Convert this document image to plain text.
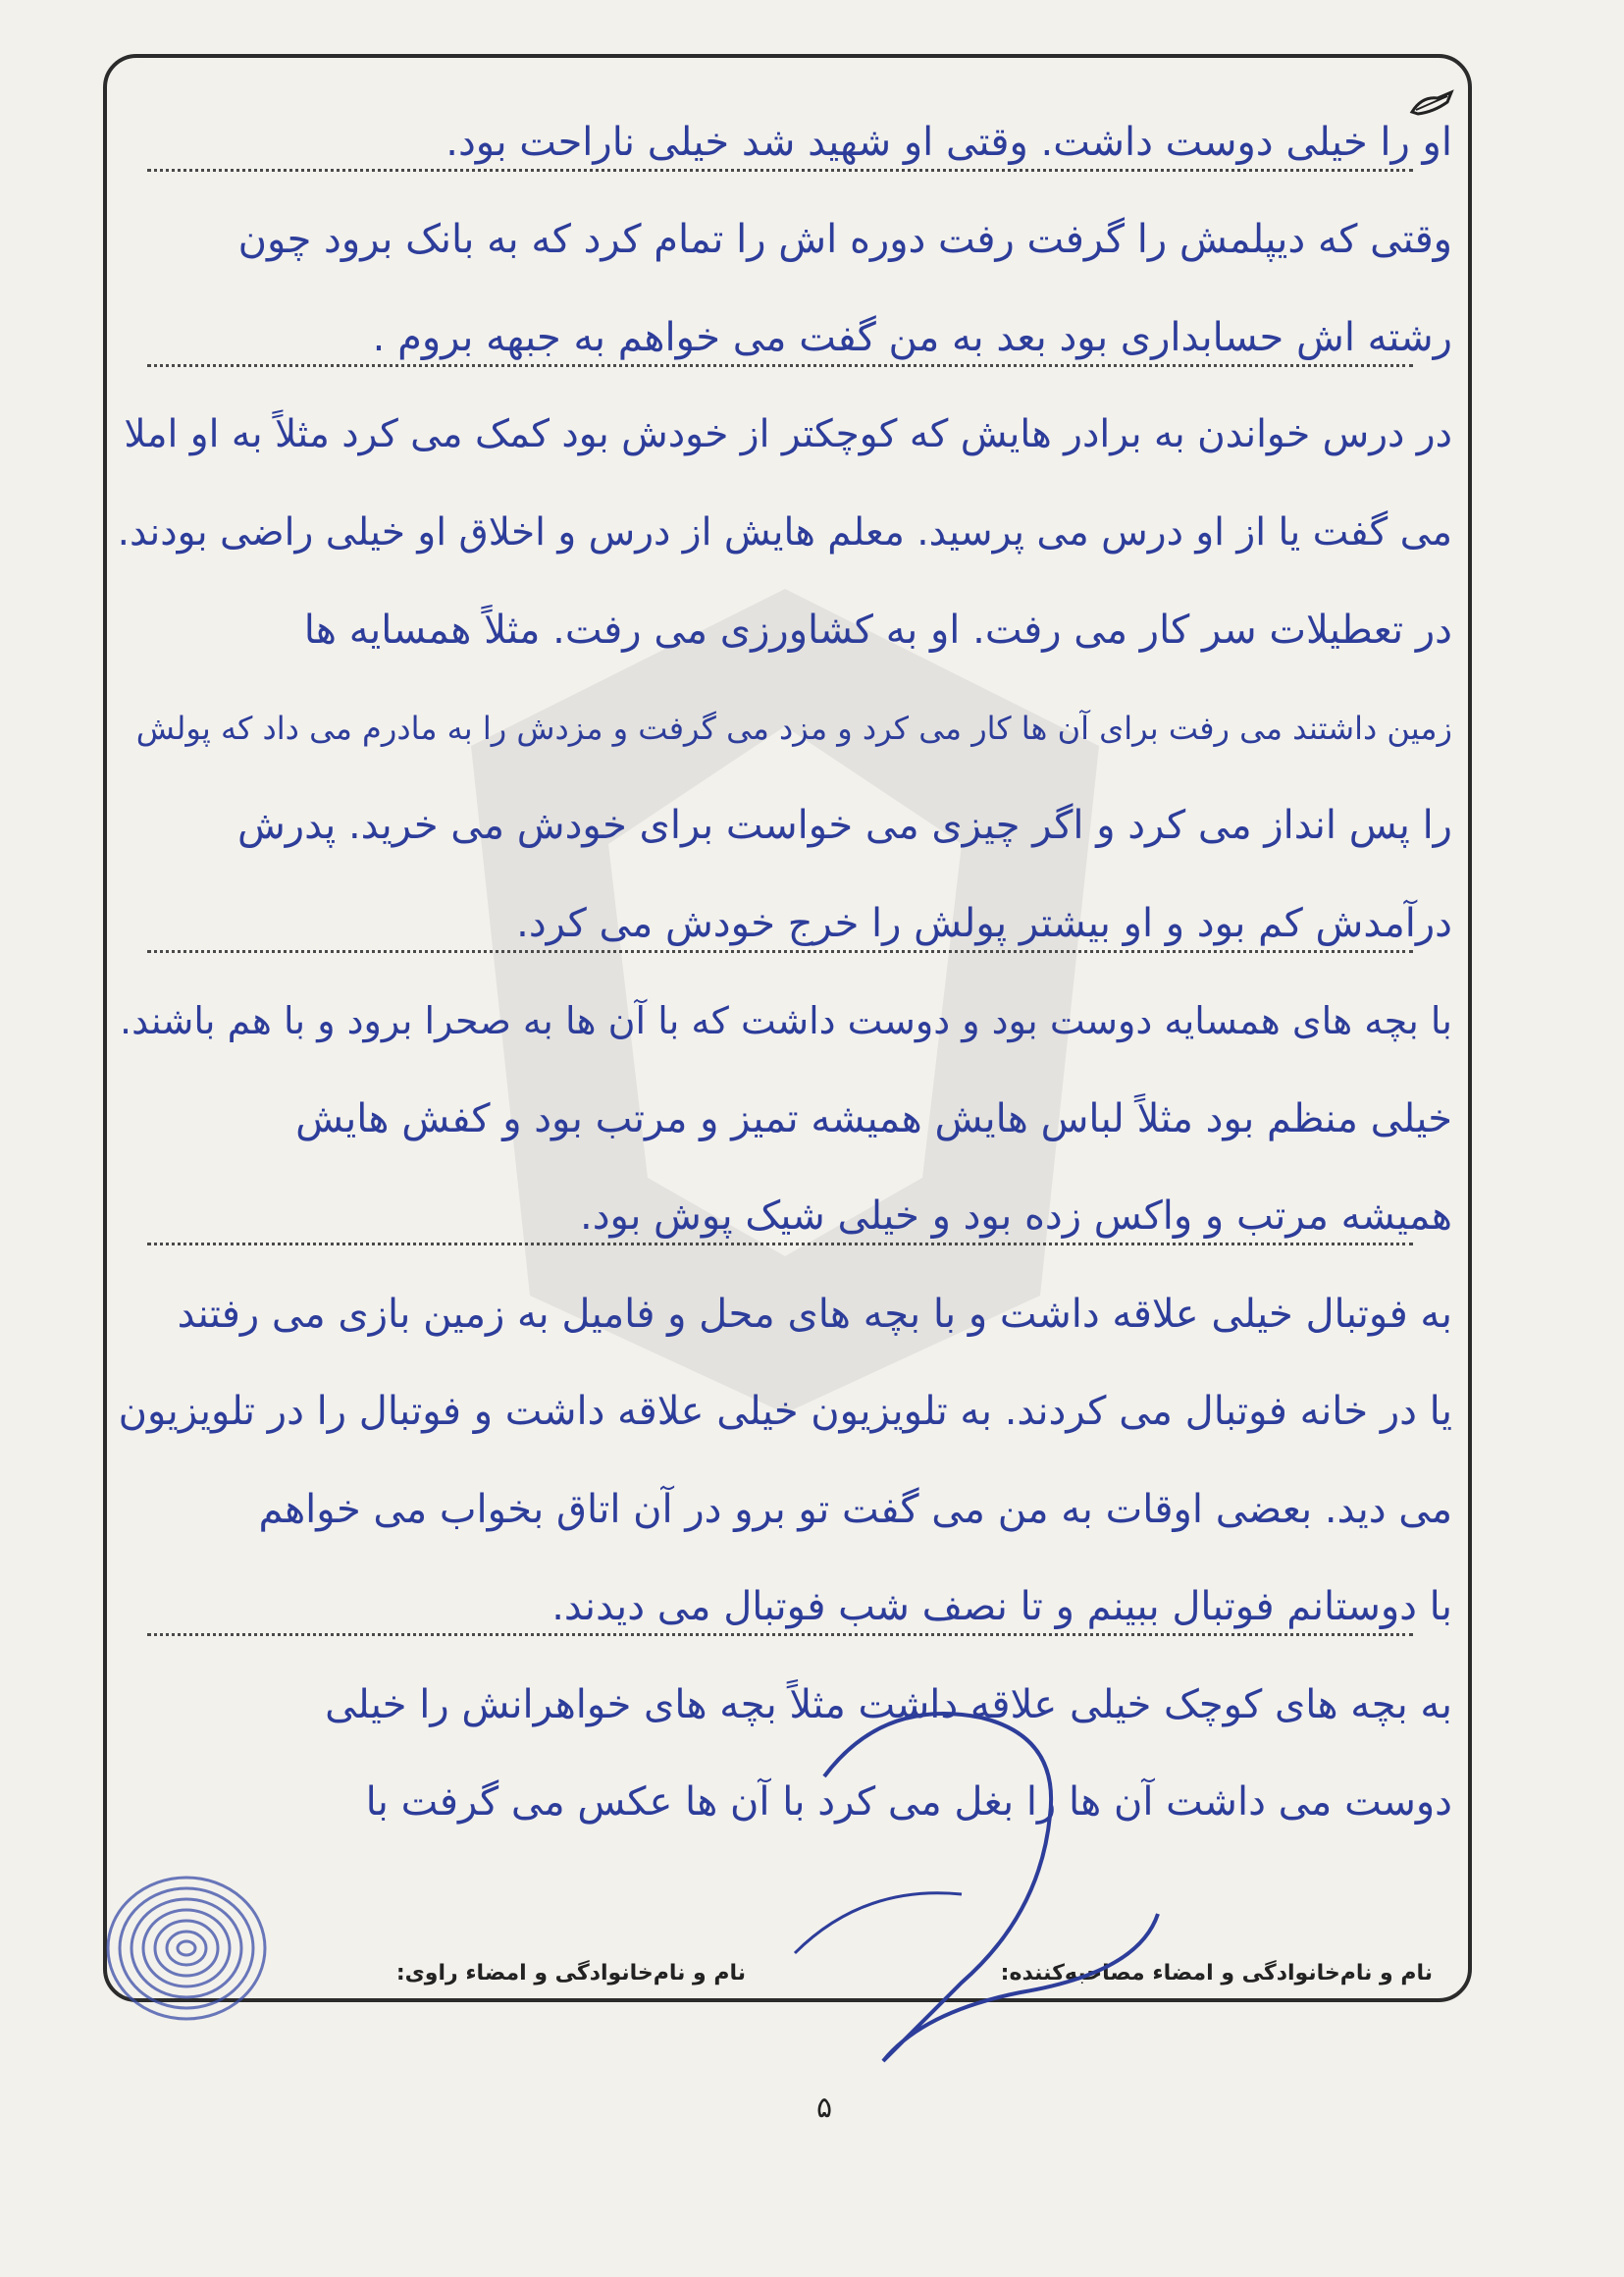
او را خیلی دوست داشت. وقتی او شهید شد خیلی ناراحت بود.
وقتی که دیپلمش را گرفت رفت دوره اش را تمام کرد که به بانک برود چون
رشته اش حسابداری بود بعد به من گفت می خواهم به جبهه بروم .
در درس خواندن به برادر هایش که کوچکتر از خودش بود کمک می کرد مثلاً به او املا
می گفت یا از او درس می پرسید. معلم هایش از درس و اخلاق او خیلی راضی بودند.
در تعطیلات سر کار می رفت. او به کشاورزی می رفت. مثلاً همسایه ها
زمین داشتند می رفت برای آن ها کار می کرد و مزد می گرفت و مزدش را به مادرم می داد که پولش
را پس انداز می کرد و اگر چیزی می خواست برای خودش می خرید. پدرش
درآمدش کم بود و او بیشتر پولش را خرج خودش می کرد.
با بچه های همسایه دوست بود و دوست داشت که با آن ها به صحرا برود و با هم باشند.
خیلی منظم بود مثلاً لباس هایش همیشه تمیز و مرتب بود و کفش هایش
همیشه مرتب و واکس زده بود و خیلی شیک پوش بود.
به فوتبال خیلی علاقه داشت و با بچه های محل و فامیل به زمین بازی می رفتند
یا در خانه فوتبال می کردند. به تلویزیون خیلی علاقه داشت و فوتبال را در تلویزیون
می دید. بعضی اوقات به من می گفت تو برو در آن اتاق بخواب می خواهم
با دوستانم فوتبال ببینم و تا نصف شب فوتبال می دیدند.
به بچه های کوچک خیلی علاقه داشت مثلاً بچه های خواهرانش را خیلی
دوست می داشت آن ها را بغل می کرد با آن ها عکس می گرفت با
نام و نام‌خانوادگی و امضاء مصاحبه‌کننده:
نام و نام‌خانوادگی و امضاء راوی:
۵
